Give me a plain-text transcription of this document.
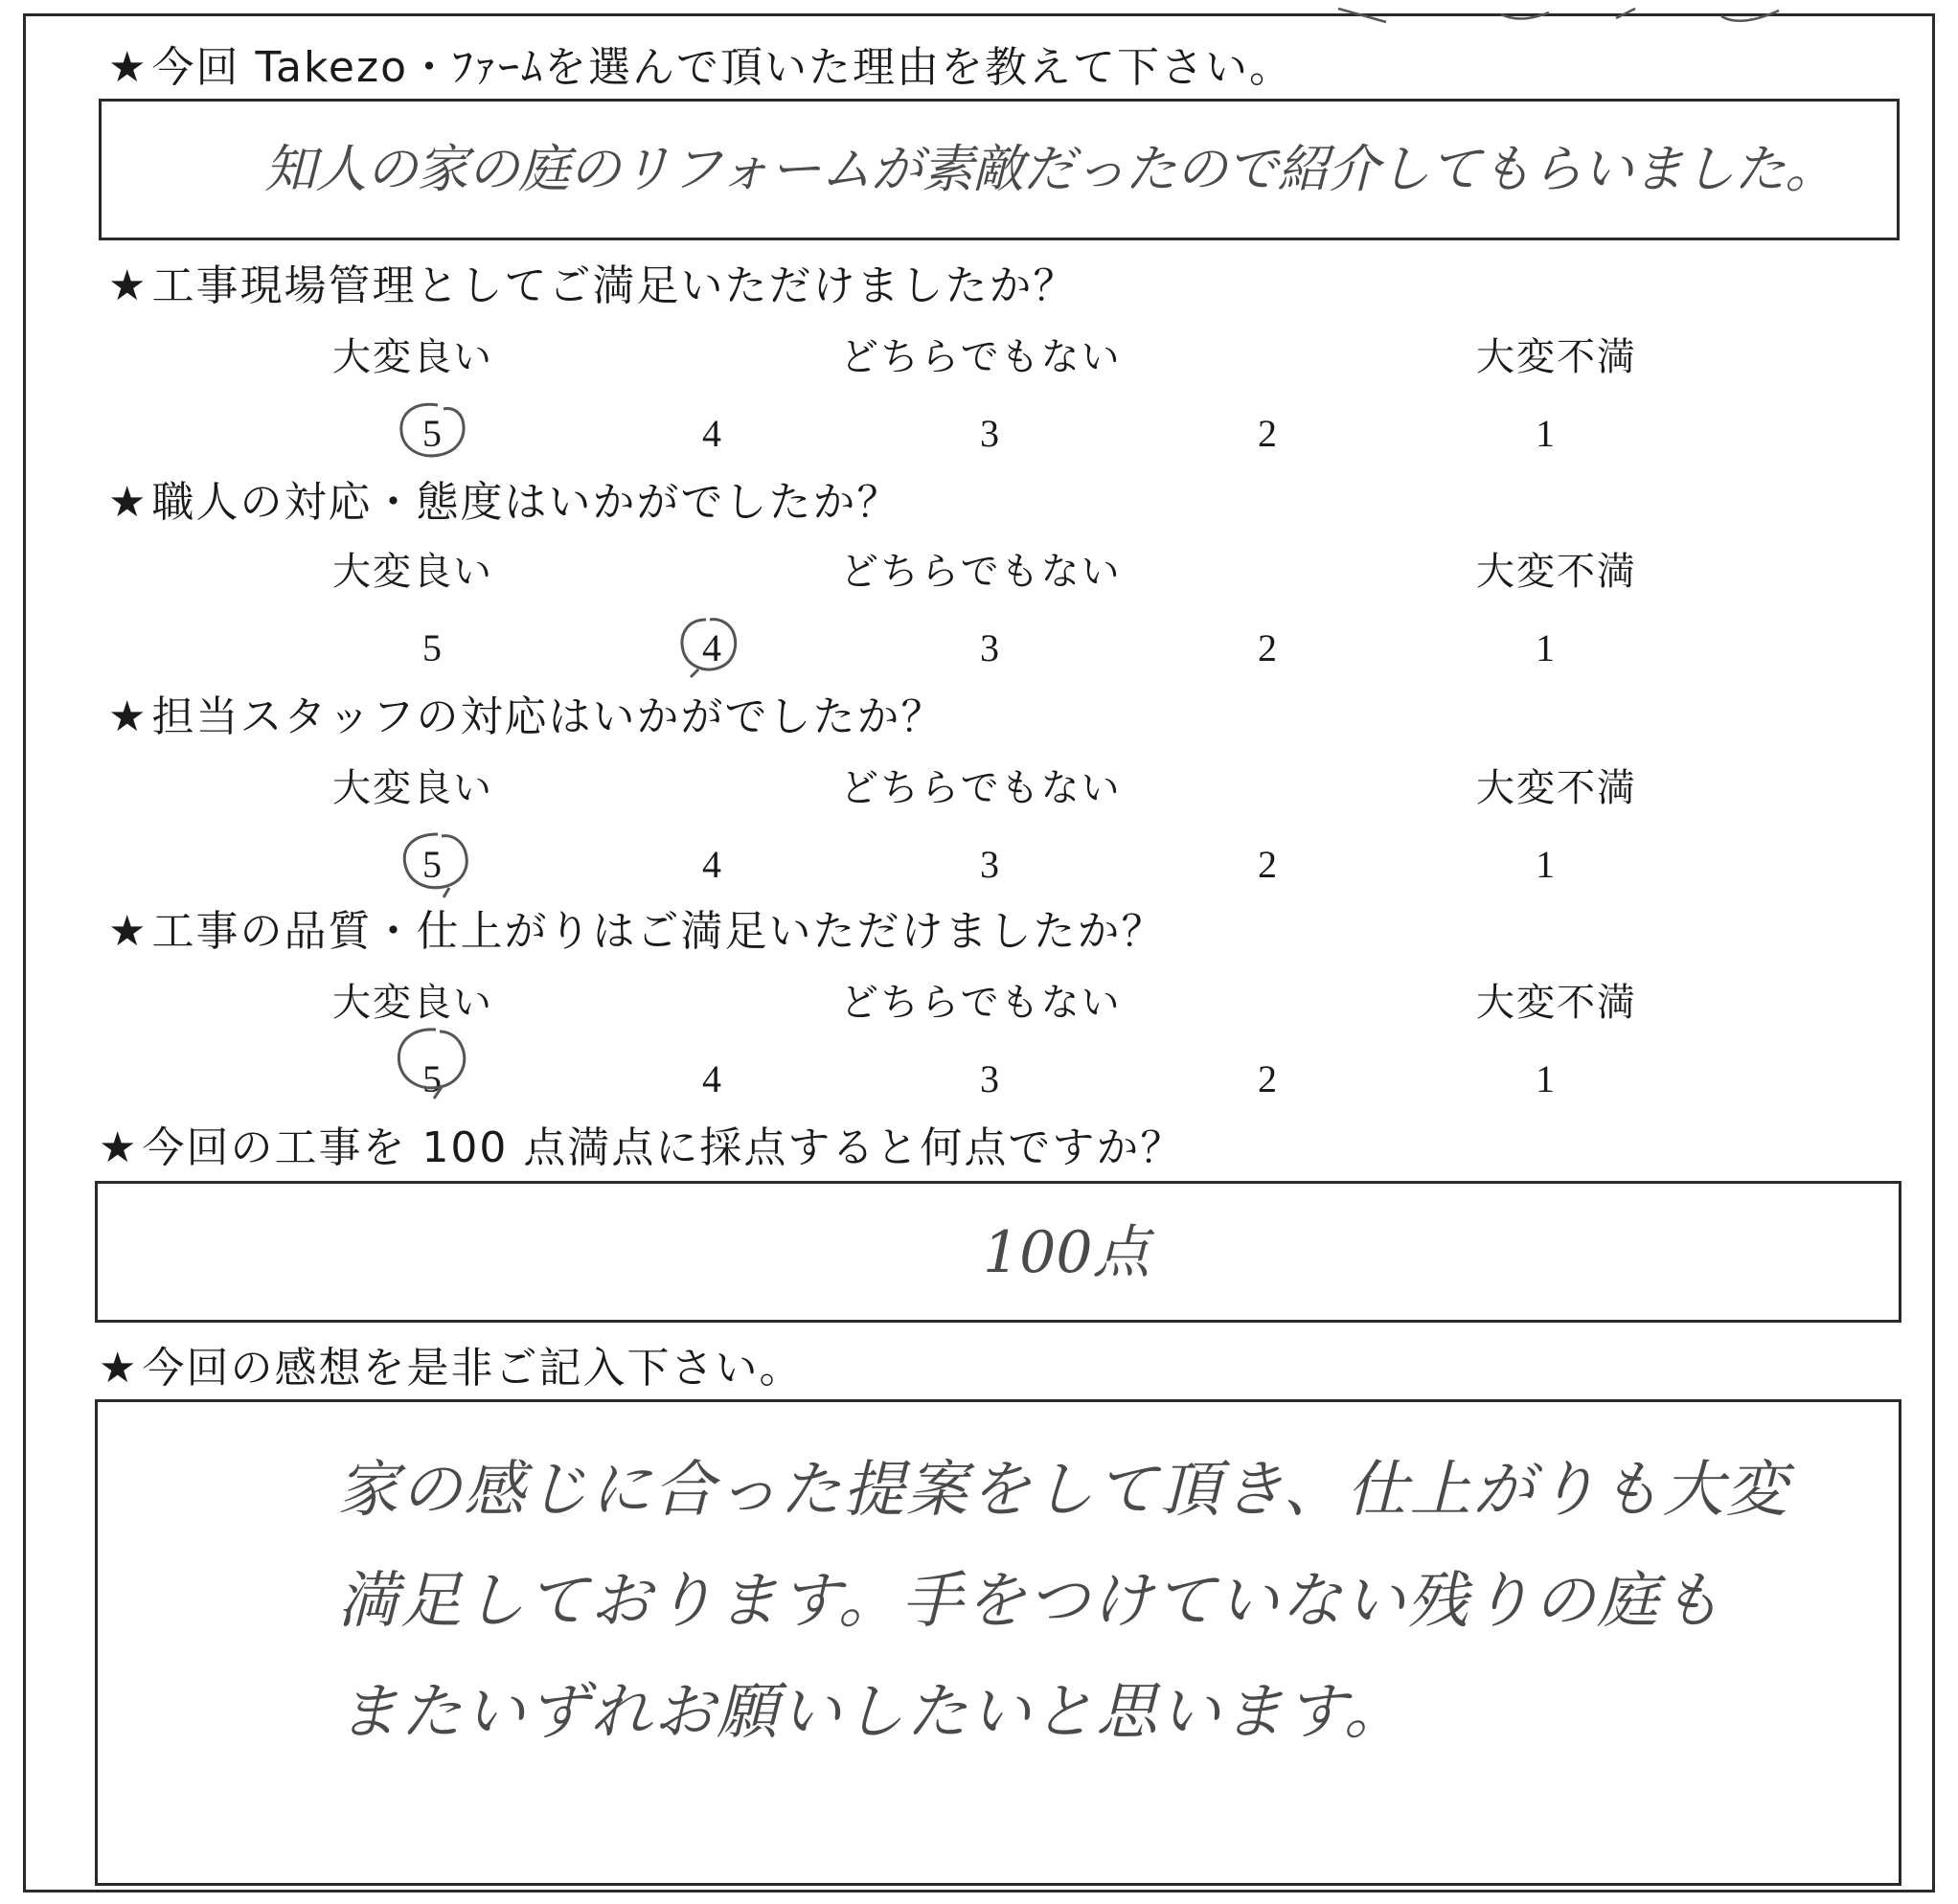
★今回 Takezo・ﾌｧｰﾑを選んで頂いた理由を教えて下さい。
知人の家の庭のリフォームが素敵だったので紹介してもらいました。
★工事現場管理としてご満足いただけましたか？
大変良い	どちらでもない	大変不満
5	4	3	2	1
★職人の対応・態度はいかがでしたか？
大変良い	どちらでもない	大変不満
5	4	3	2	1
★担当スタッフの対応はいかがでしたか？
大変良い	どちらでもない	大変不満
5	4	3	2	1
★工事の品質・仕上がりはご満足いただけましたか？
大変良い	どちらでもない	大変不満
5	4	3	2	1
★今回の工事を 100 点満点に採点すると何点ですか？
100点
★今回の感想を是非ご記入下さい。
家の感じに合った提案をして頂き、仕上がりも大変
満足しております。手をつけていない残りの庭も
またいずれお願いしたいと思います。
